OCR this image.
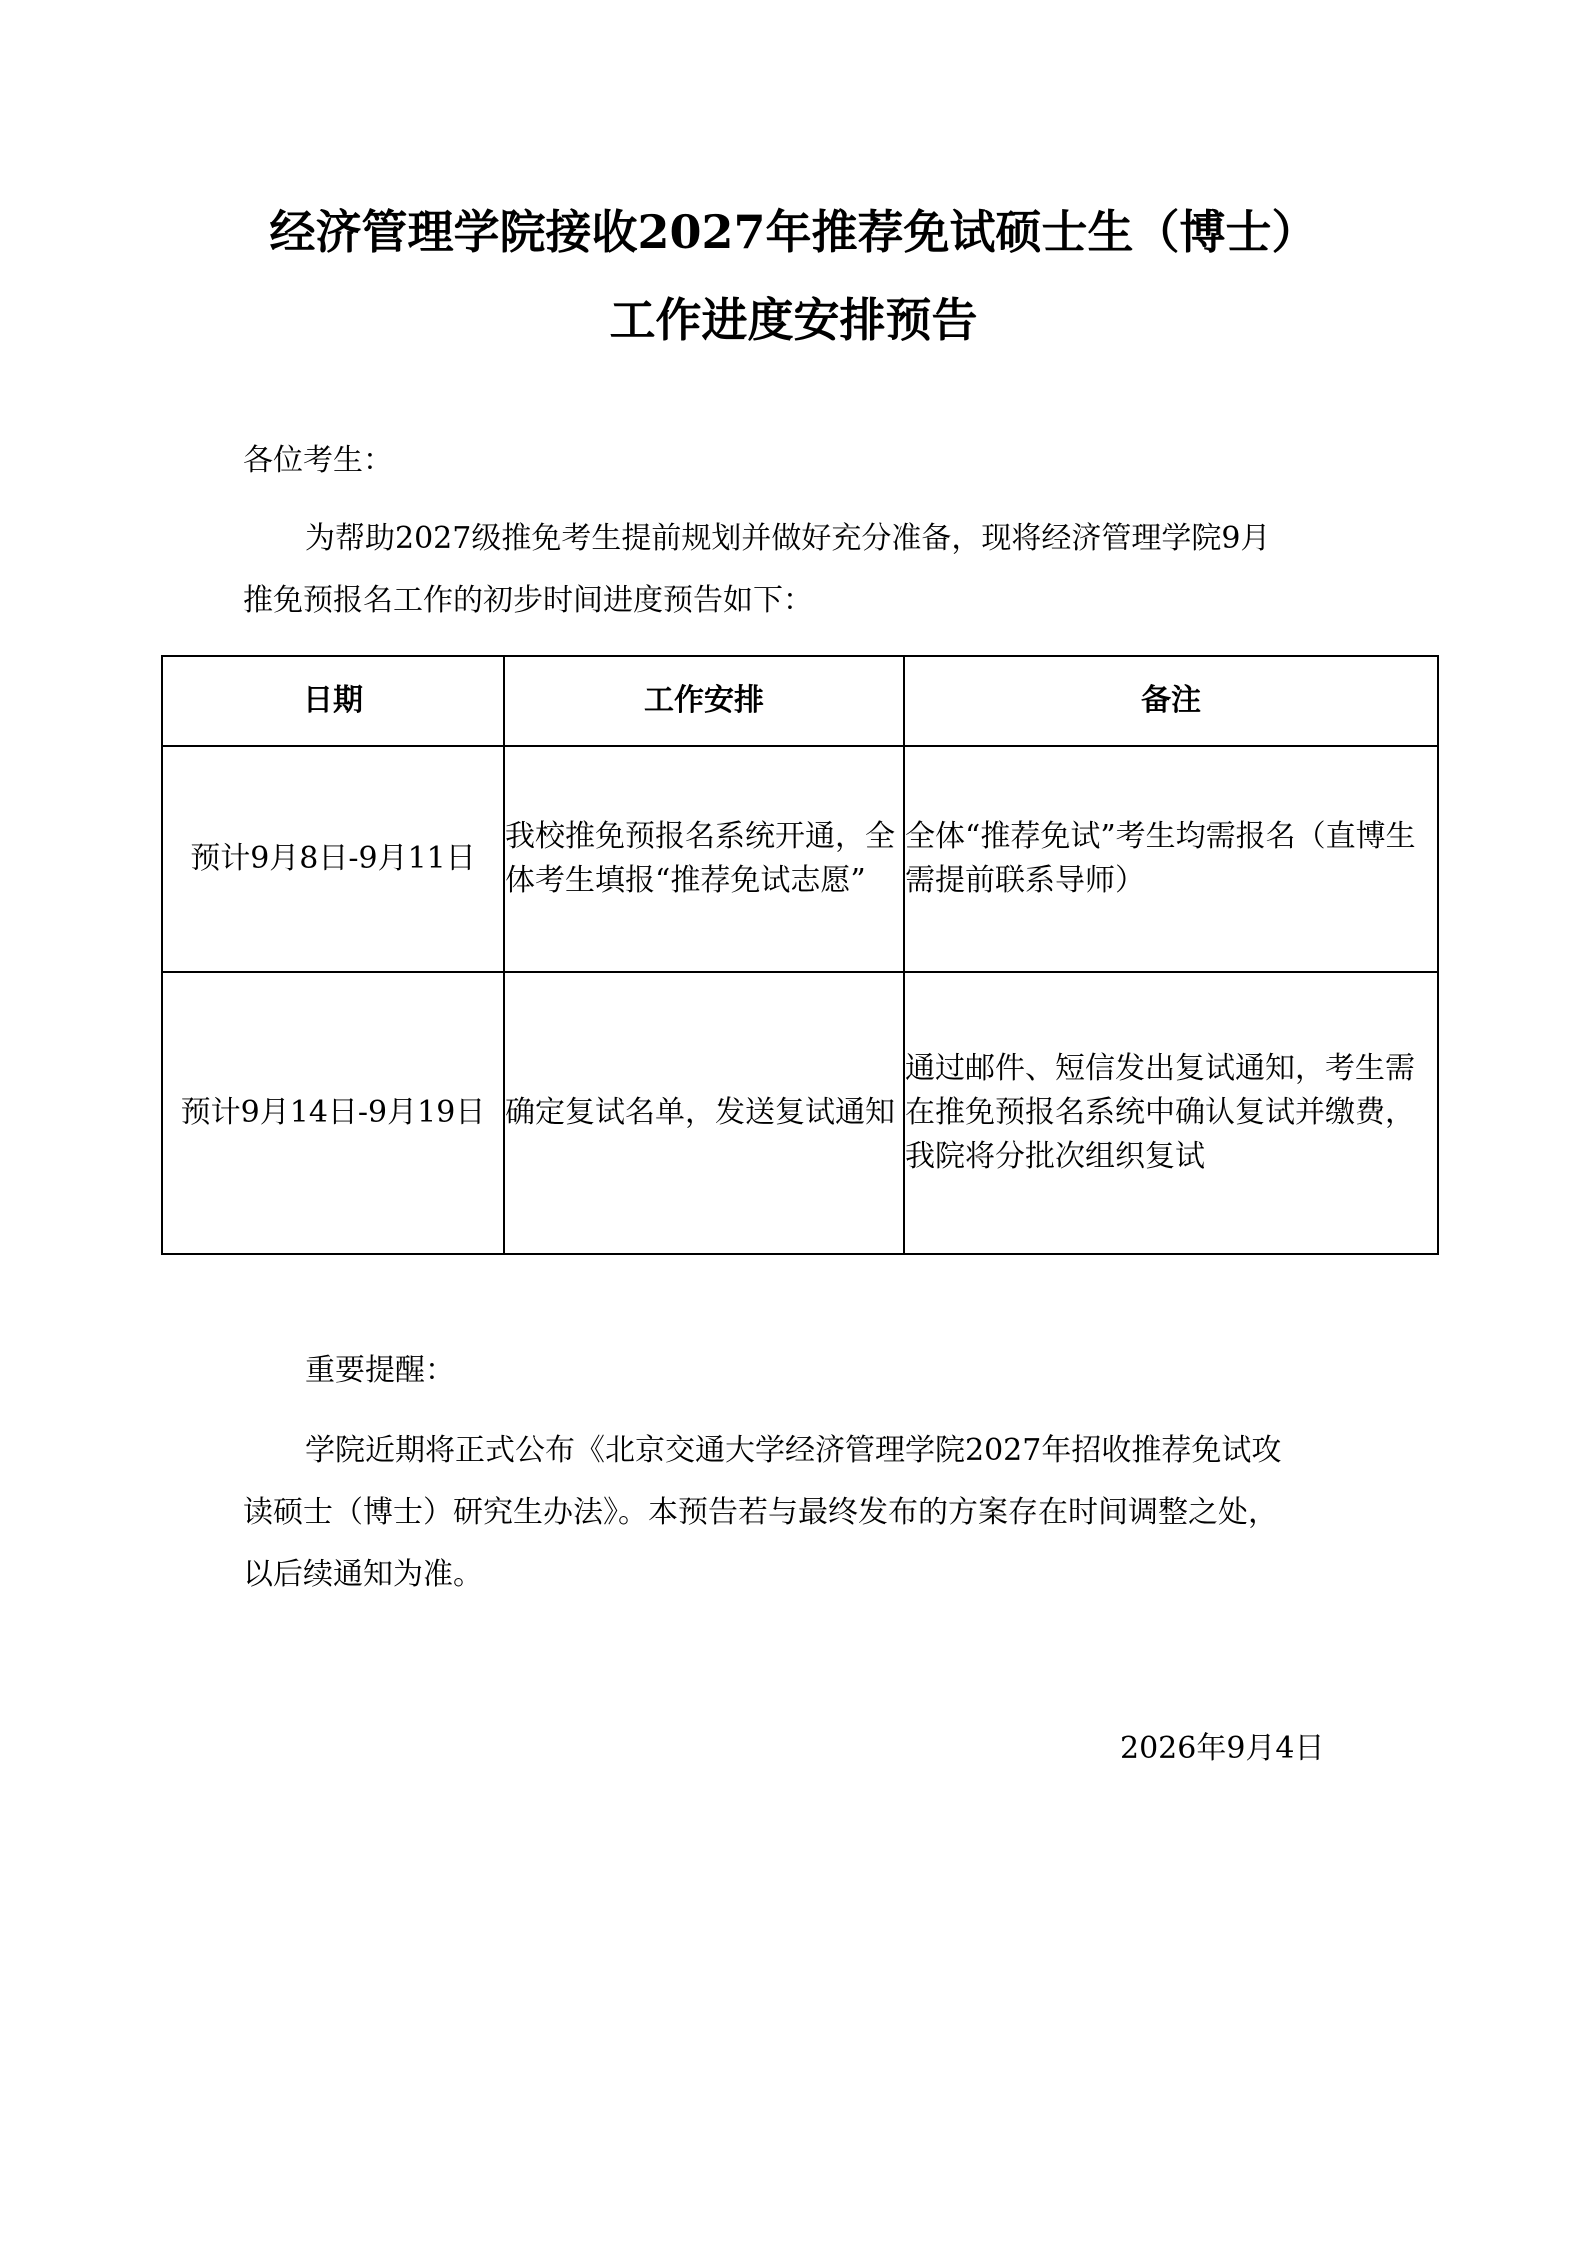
经济管理学院接收2027年推荐免试硕士生（博士）
工作进度安排预告
各位考生：
为帮助2027级推免考生提前规划并做好充分准备，现将经济管理学院9月
推免预报名工作的初步时间进度预告如下：
日期	工作安排	备注
预计9月8日-9月11日	我校推免预报名系统开通，全体考生填报“推荐免试志愿”	全体“推荐免试”考生均需报名（直博生需提前联系导师）
预计9月14日-9月19日	确定复试名单，发送复试通知	通过邮件、短信发出复试通知，考生需在推免预报名系统中确认复试并缴费，我院将分批次组织复试
重要提醒：
学院近期将正式公布《北京交通大学经济管理学院2027年招收推荐免试攻
读硕士（博士）研究生办法》。本预告若与最终发布的方案存在时间调整之处，
以后续通知为准。
2026年9月4日
